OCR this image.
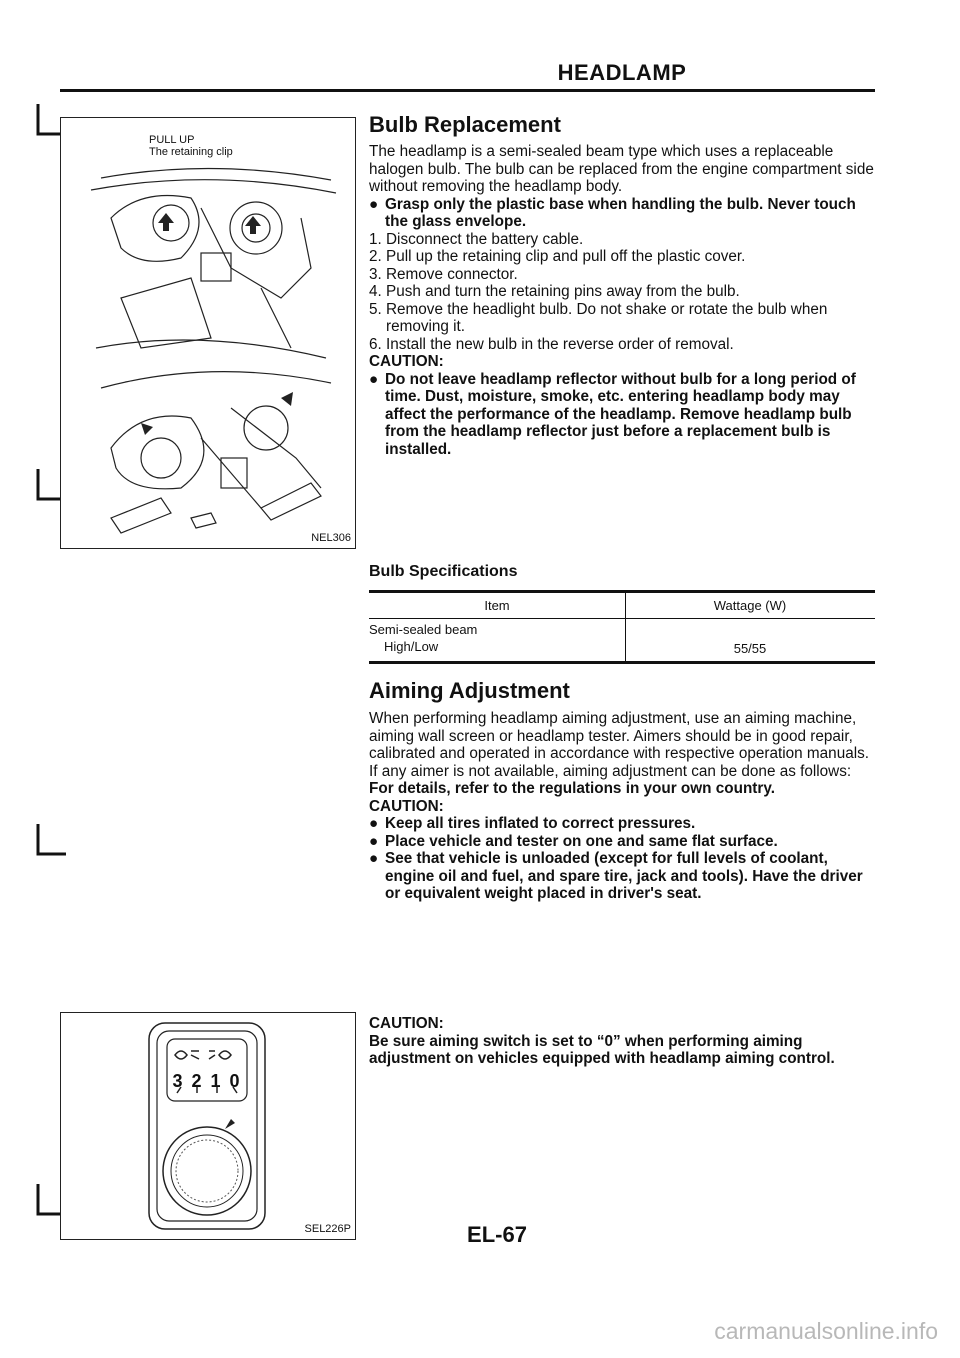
HEADLAMP
PULL UP
The retaining clip
NEL306
3 2 1 0
SEL226P
Bulb Replacement
The headlamp is a semi-sealed beam type which uses a replaceable halogen bulb. The bulb can be replaced from the engine compartment side without removing the headlamp body.
● Grasp only the plastic base when handling the bulb. Never touch the glass envelope.
1. Disconnect the battery cable.
2. Pull up the retaining clip and pull off the plastic cover.
3. Remove connector.
4. Push and turn the retaining pins away from the bulb.
5. Remove the headlight bulb. Do not shake or rotate the bulb when removing it.
6. Install the new bulb in the reverse order of removal.
CAUTION:
● Do not leave headlamp reflector without bulb for a long period of time. Dust, moisture, smoke, etc. entering headlamp body may affect the performance of the headlamp. Remove headlamp bulb from the headlamp reflector just before a replacement bulb is installed.
Bulb Specifications
Item	Wattage (W)
Semi-sealed beam
High/Low	55/55
Aiming Adjustment
When performing headlamp aiming adjustment, use an aiming machine, aiming wall screen or headlamp tester. Aimers should be in good repair, calibrated and operated in accordance with respective operation manuals.
If any aimer is not available, aiming adjustment can be done as follows:
For details, refer to the regulations in your own country.
CAUTION:
● Keep all tires inflated to correct pressures.
● Place vehicle and tester on one and same flat surface.
● See that vehicle is unloaded (except for full levels of coolant, engine oil and fuel, and spare tire, jack and tools). Have the driver or equivalent weight placed in driver's seat.
CAUTION:
Be sure aiming switch is set to “0” when performing aiming adjustment on vehicles equipped with headlamp aiming control.
EL-67
carmanualsonline.info
